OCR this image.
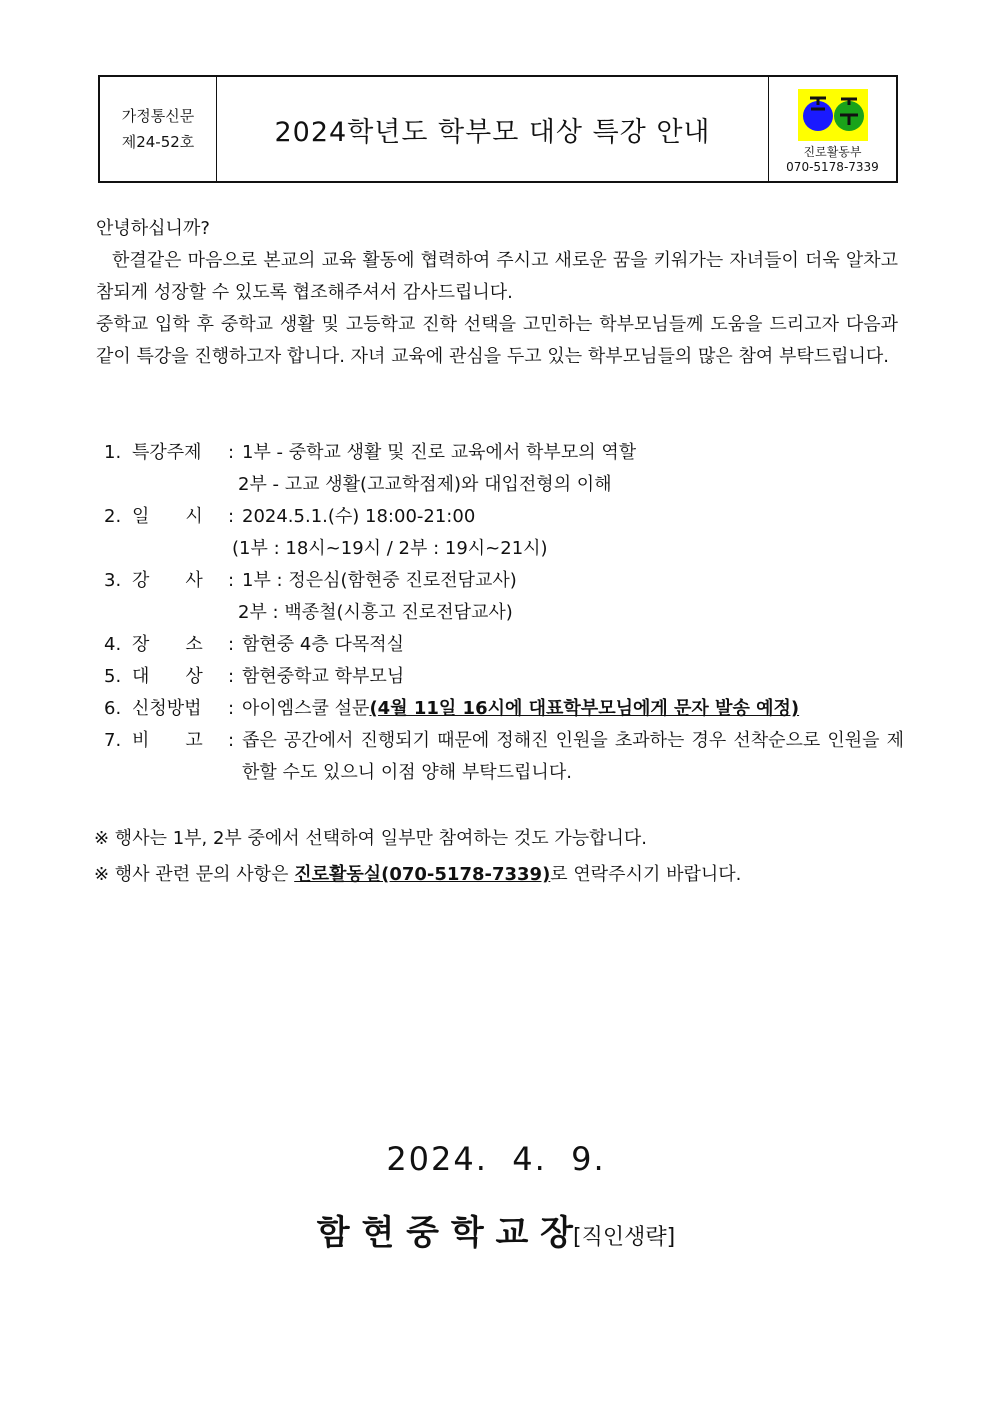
가정통신문
제24-52호	2024학년도 학부모 대상 특강 안내
진로활동부
070-5178-7339
안녕하십니까?
한결같은 마음으로 본교의 교육 활동에 협력하여 주시고 새로운 꿈을 키워가는 자녀들이 더욱 알차고 참되게 성장할 수 있도록 협조해주셔서 감사드립니다.
중학교 입학 후 중학교 생활 및 고등학교 진학 선택을 고민하는 학부모님들께 도움을 드리고자 다음과 같이 특강을 진행하고자 합니다. 자녀 교육에 관심을 두고 있는 학부모님들의 많은 참여 부탁드립니다.
1. 특강주제	: 1부 - 중학교 생활 및 진로 교육에서 학부모의 역할
2부 - 고교 생활(고교학점제)와 대입전형의 이해
2. 일　　시	: 2024.5.1.(수) 18:00-21:00
(1부 : 18시~19시 / 2부 : 19시~21시)
3. 강　　사	: 1부 : 정은심(함현중 진로전담교사)
2부 : 백종철(시흥고 진로전담교사)
4. 장　　소	: 함현중 4층 다목적실
5. 대　　상	: 함현중학교 학부모님
6. 신청방법	: 아이엠스쿨 설문(4월 11일 16시에 대표학부모님에게 문자 발송 예정)
7. 비　　고	: 좁은 공간에서 진행되기 때문에 정해진 인원을 초과하는 경우 선착순으로 인원을 제한할 수도 있으니 이점 양해 부탁드립니다.
※ 행사는 1부, 2부 중에서 선택하여 일부만 참여하는 것도 가능합니다.
※ 행사 관련 문의 사항은 진로활동실(070-5178-7339)로 연락주시기 바랍니다.
2024.  4.  9.
함 현 중 학 교 장[직인생략]
